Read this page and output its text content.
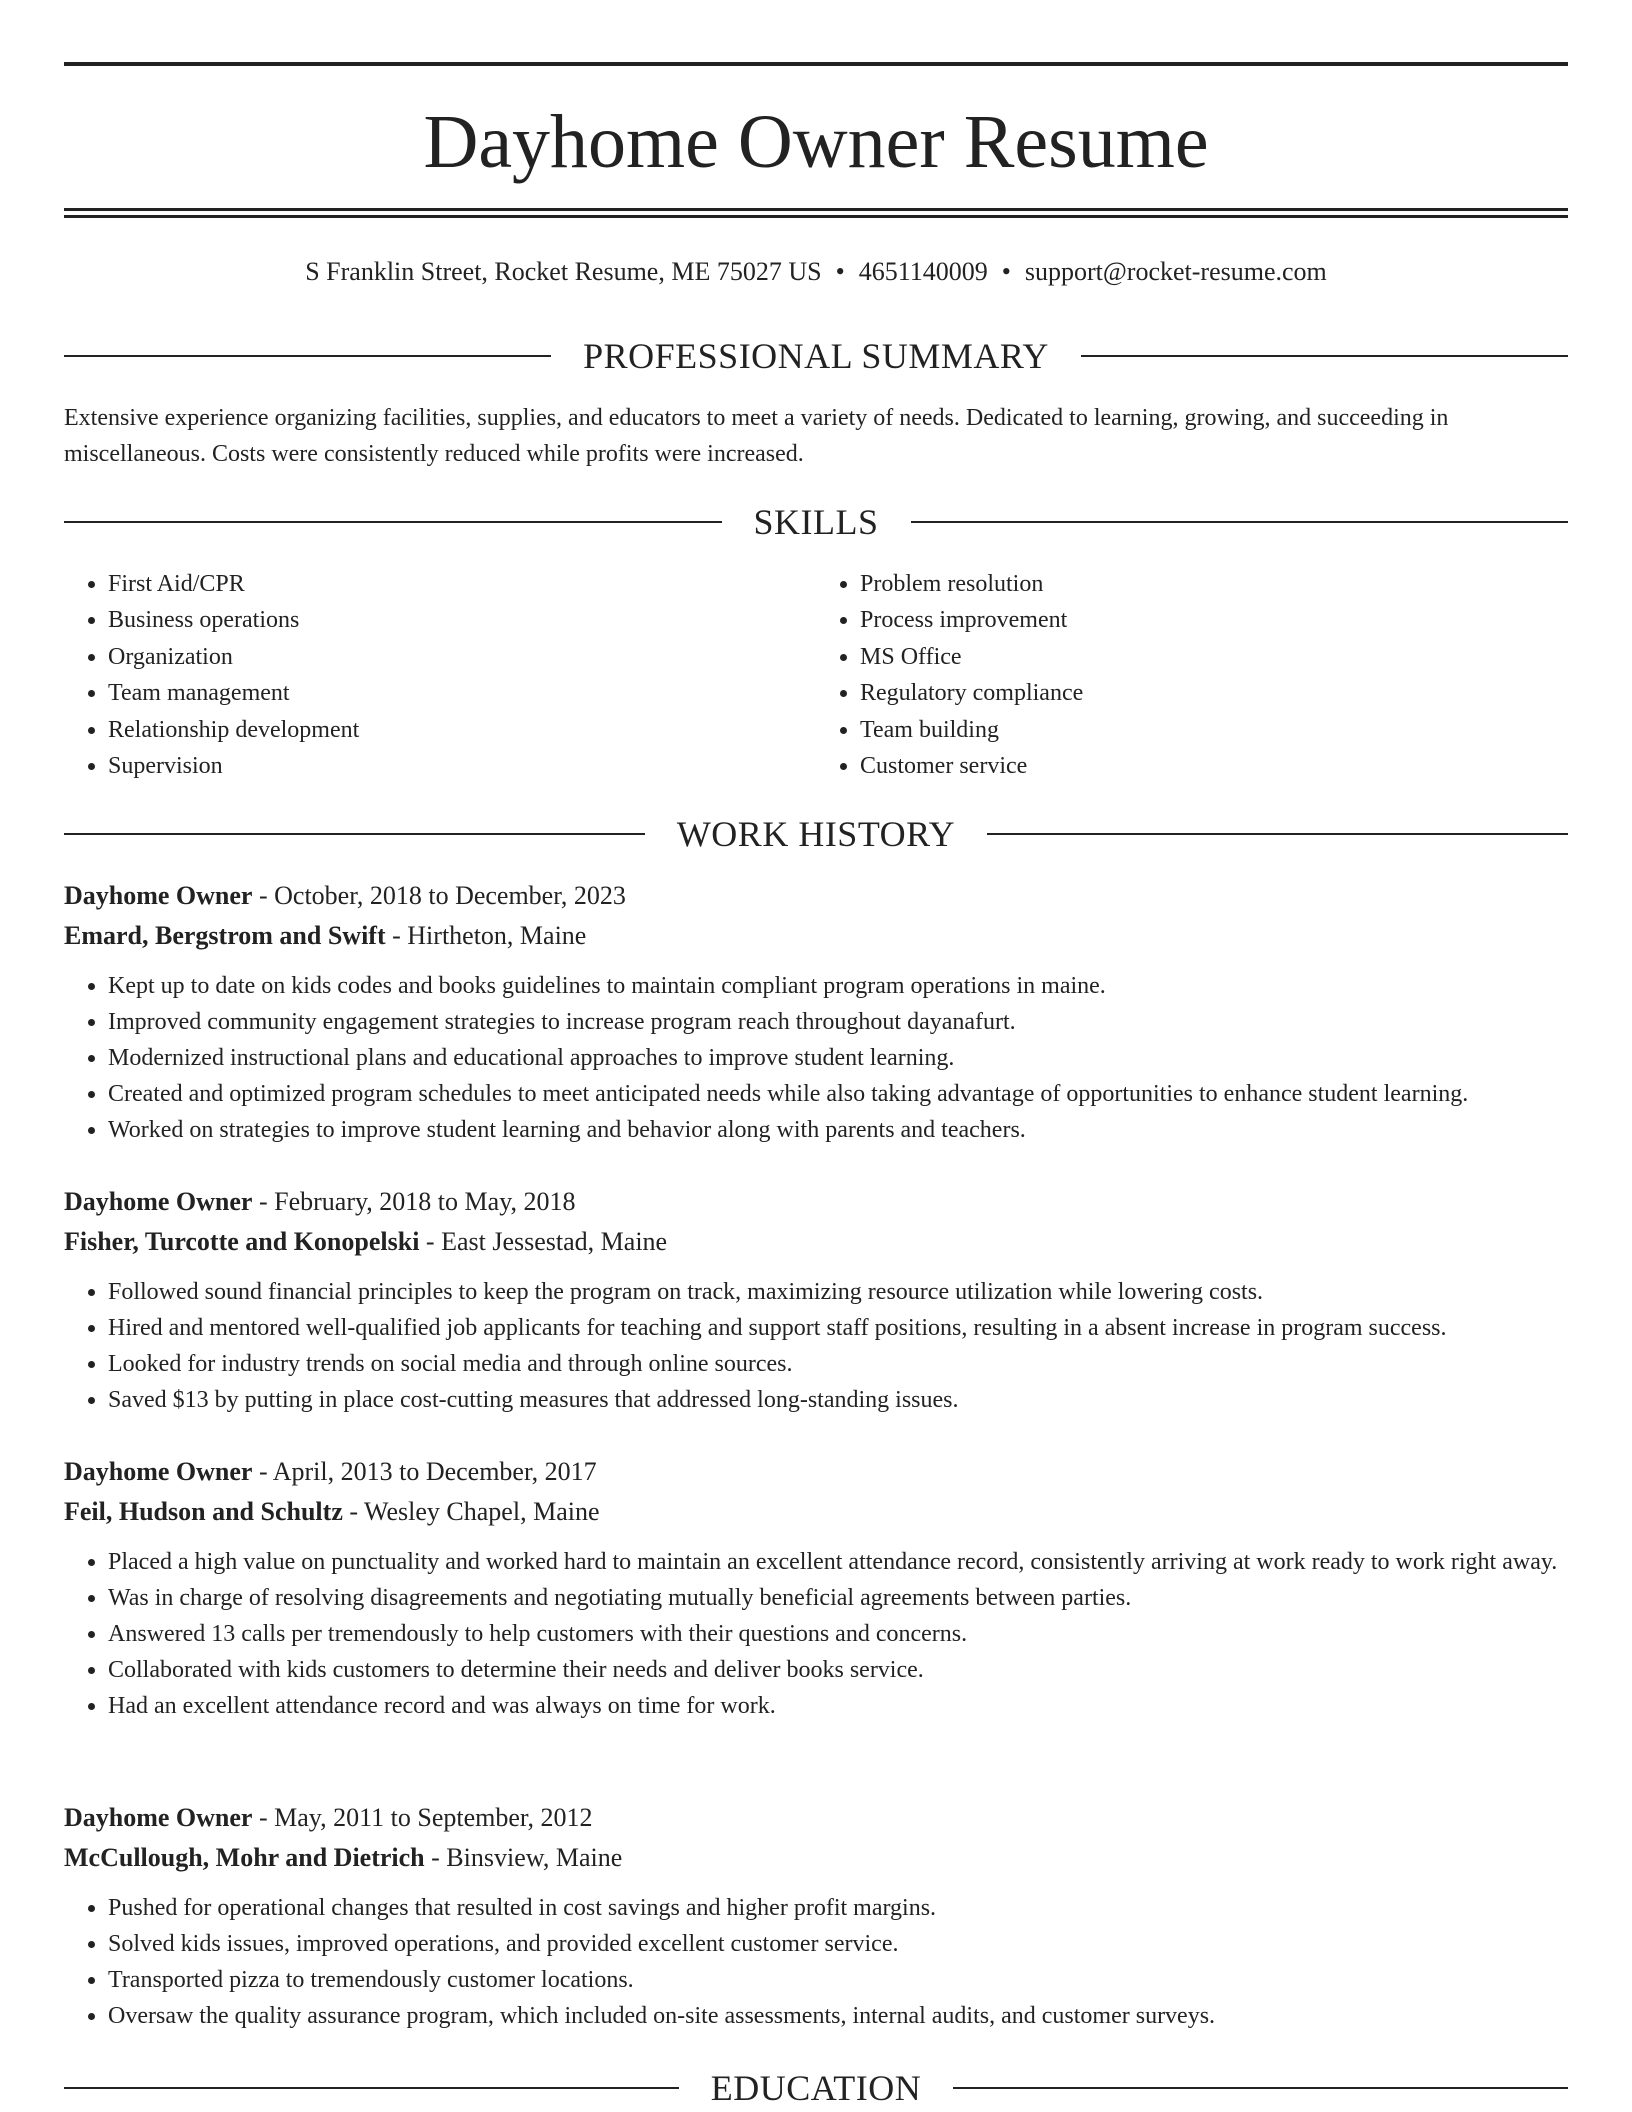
Dayhome Owner Resume
S Franklin Street, Rocket Resume, ME 75027 US • 4651140009 • support@rocket-resume.com
PROFESSIONAL SUMMARY

Extensive experience organizing facilities, supplies, and educators to meet a variety of needs. Dedicated to learning, growing, and succeeding in miscellaneous. Costs were consistently reduced while profits were increased.

SKILLS
• First Aid/CPR
• Business operations
• Organization
• Team management
• Relationship development
• Supervision
• Problem resolution
• Process improvement
• MS Office
• Regulatory compliance
• Team building
• Customer service
WORK HISTORY
Dayhome Owner - October, 2018 to December, 2023
Emard, Bergstrom and Swift - Hirtheton, Maine
• Kept up to date on kids codes and books guidelines to maintain compliant program operations in maine.
• Improved community engagement strategies to increase program reach throughout dayanafurt.
• Modernized instructional plans and educational approaches to improve student learning.
• Created and optimized program schedules to meet anticipated needs while also taking advantage of opportunities to enhance student learning.
• Worked on strategies to improve student learning and behavior along with parents and teachers.
Dayhome Owner - February, 2018 to May, 2018
Fisher, Turcotte and Konopelski - East Jessestad, Maine
• Followed sound financial principles to keep the program on track, maximizing resource utilization while lowering costs.
• Hired and mentored well-qualified job applicants for teaching and support staff positions, resulting in a absent increase in program success.
• Looked for industry trends on social media and through online sources.
• Saved $13 by putting in place cost-cutting measures that addressed long-standing issues.
Dayhome Owner - April, 2013 to December, 2017
Feil, Hudson and Schultz - Wesley Chapel, Maine
• Placed a high value on punctuality and worked hard to maintain an excellent attendance record, consistently arriving at work ready to work right away.
• Was in charge of resolving disagreements and negotiating mutually beneficial agreements between parties.
• Answered 13 calls per tremendously to help customers with their questions and concerns.
• Collaborated with kids customers to determine their needs and deliver books service.
• Had an excellent attendance record and was always on time for work.
Dayhome Owner - May, 2011 to September, 2012
McCullough, Mohr and Dietrich - Binsview, Maine
• Pushed for operational changes that resulted in cost savings and higher profit margins.
• Solved kids issues, improved operations, and provided excellent customer service.
• Transported pizza to tremendously customer locations.
• Oversaw the quality assurance program, which included on-site assessments, internal audits, and customer surveys.
EDUCATION
